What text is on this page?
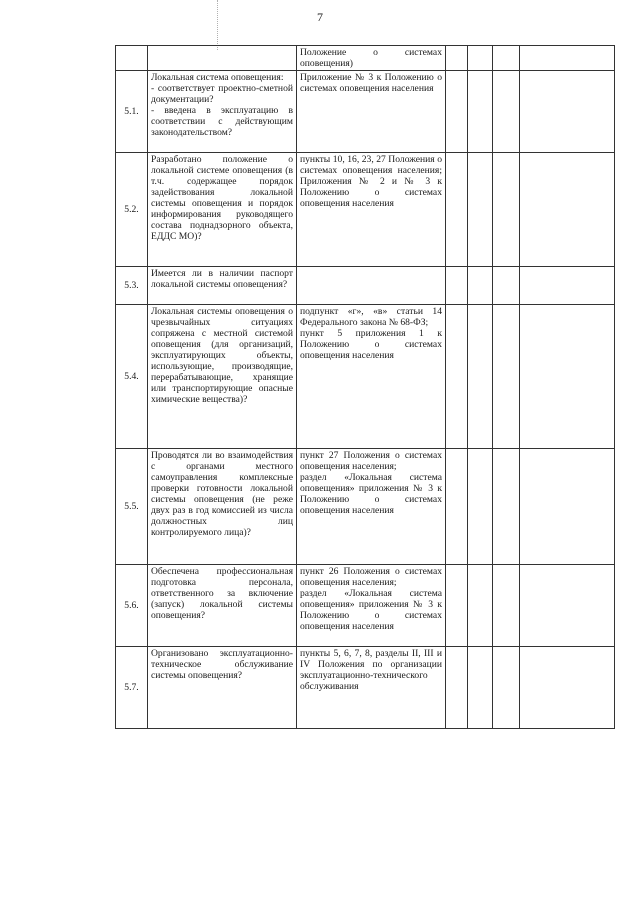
7
		Положение о системах оповещения)				
5.1.	Локальная система оповещения:
- соответствует проектно-сметной документации?
- введена в эксплуатацию в соответствии с действующим законодательством?	Приложение № 3 к Положению о системах оповещения населения				
5.2.	Разработано положение о локальной системе оповещения (в т.ч. содержащее порядок задействования локальной системы оповещения и порядок информирования руководящего состава поднадзорного объекта, ЕДДС МО)?	пункты 10, 16, 23, 27 Положения о системах оповещения населения; Приложения № 2 и № 3 к Положению о системах оповещения населения				
5.3.	Имеется ли в наличии паспорт локальной системы оповещения?					
5.4.	Локальная системы оповещения о чрезвычайных ситуациях сопряжена с местной системой оповещения (для организаций, эксплуатирующих объекты, использующие, производящие, перерабатывающие, хранящие или транспортирующие опасные химические вещества)?	подпункт «г», «в» статьи 14 Федерального закона № 68-ФЗ;
пункт 5 приложения 1 к Положению о системах оповещения населения				
5.5.	Проводятся ли во взаимодействия с органами местного самоуправления комплексные проверки готовности локальной системы оповещения (не реже двух раз в год комиссией из числа должностных лиц контролируемого лица)?	пункт 27 Положения о системах оповещения населения;
раздел «Локальная система оповещения» приложения № 3 к Положению о системах оповещения населения				
5.6.	Обеспечена профессиональная подготовка персонала, ответственного за включение (запуск) локальной системы оповещения?	пункт 26 Положения о системах оповещения населения;
раздел «Локальная система оповещения» приложения № 3 к Положению о системах оповещения населения				
5.7.	Организовано эксплуатационно-техническое обслуживание системы оповещения?	пункты 5, 6, 7, 8, разделы II, III и IV Положения по организации эксплуатационно-технического обслуживания				
